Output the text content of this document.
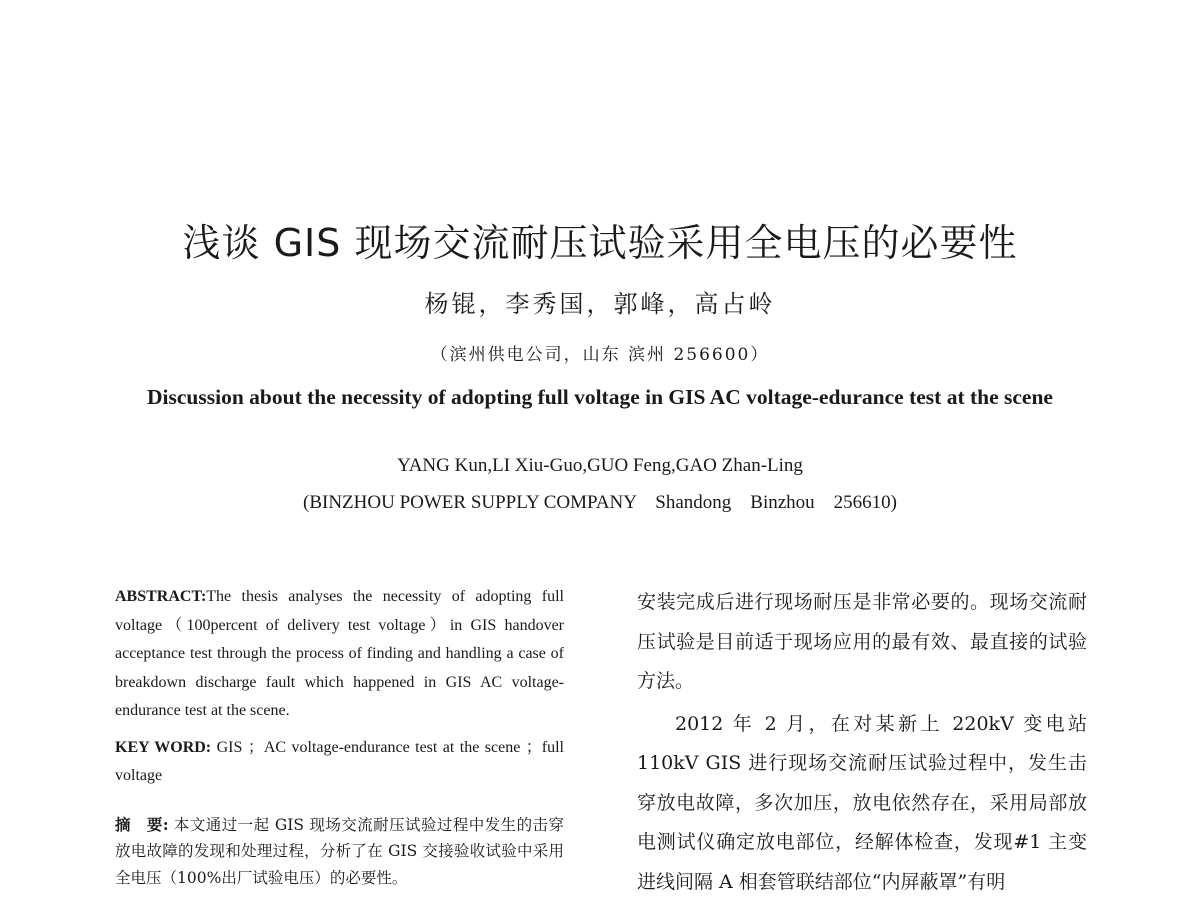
浅谈 GIS 现场交流耐压试验采用全电压的必要性
杨锟，李秀国，郭峰，高占岭
（滨州供电公司，山东 滨州 256600）
Discussion about the necessity of adopting full voltage in GIS AC voltage-edurance test at the scene
YANG Kun,LI Xiu-Guo,GUO Feng,GAO Zhan-Ling
(BINZHOU POWER SUPPLY COMPANY    Shandong    Binzhou    256610)

ABSTRACT:The thesis analyses the necessity of adopting full voltage（100percent of delivery test voltage）in GIS handover acceptance test through the process of finding and handling a case of breakdown discharge fault which happened in GIS AC voltage-endurance test at the scene.

KEY WORD: GIS ；AC voltage-endurance test at the scene ；full voltage

摘　要: 本文通过一起 GIS 现场交流耐压试验过程中发生的击穿放电故障的发现和处理过程，分析了在 GIS 交接验收试验中采用全电压（100%出厂试验电压）的必要性。

安装完成后进行现场耐压是非常必要的。现场交流耐压试验是目前适于现场应用的最有效、最直接的试验方法。

2012 年 2 月，在对某新上 220kV 变电站 110kV GIS 进行现场交流耐压试验过程中，发生击穿放电故障，多次加压，放电依然存在，采用局部放电测试仪确定放电部位，经解体检查，发现#1 主变进线间隔 A 相套管联结部位“内屏蔽罩”有明
